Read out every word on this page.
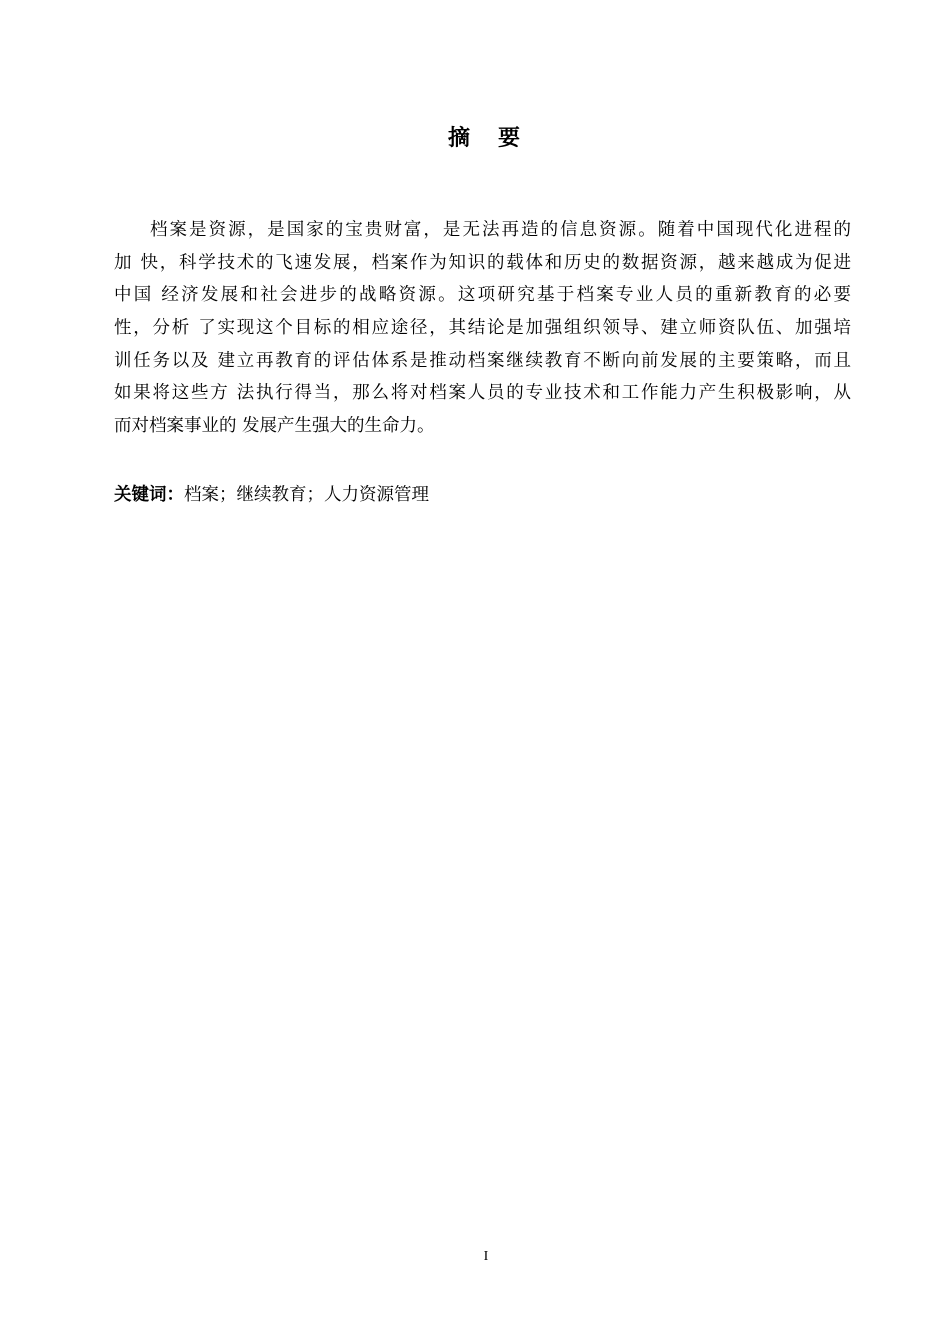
摘 要
档案是资源，是国家的宝贵财富，是无法再造的信息资源。随着中国现代化进程的
加 快，科学技术的飞速发展，档案作为知识的载体和历史的数据资源，越来越成为促进
中国 经济发展和社会进步的战略资源。这项研究基于档案专业人员的重新教育的必要
性，分析 了实现这个目标的相应途径，其结论是加强组织领导、建立师资队伍、加强培
训任务以及 建立再教育的评估体系是推动档案继续教育不断向前发展的主要策略，而且
如果将这些方 法执行得当，那么将对档案人员的专业技术和工作能力产生积极影响，从
而对档案事业的 发展产生强大的生命力。
关键词：档案；继续教育；人力资源管理
I
